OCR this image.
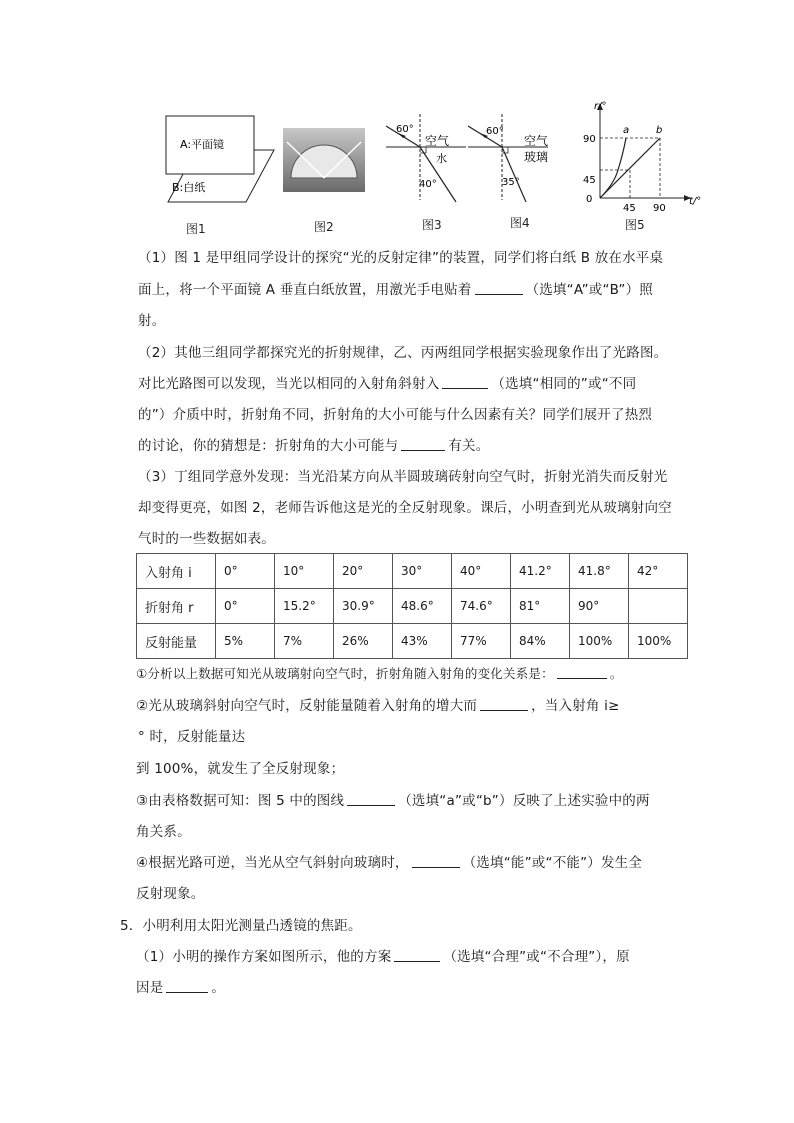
A:平面镜
B:白纸
图1	图2
60°
40°
空气
水
图3
60°
35°
空气
玻璃
图4
r/°
t/°
0
90
45
45 90
a	b
图5
（1）图 1 是甲组同学设计的探究“光的反射定律”的装置，同学们将白纸 B 放在水平桌
面上，将一个平面镜 A 垂直白纸放置，用激光手电贴着	（选填“A”或“B”）照
射。
（2）其他三组同学都探究光的折射规律，乙、丙两组同学根据实验现象作出了光路图。
对比光路图可以发现，当光以相同的入射角斜射入	（选填“相同的”或“不同
的”）介质中时，折射角不同，折射角的大小可能与什么因素有关？同学们展开了热烈
的讨论，你的猜想是：折射角的大小可能与	有关。
（3）丁组同学意外发现：当光沿某方向从半圆玻璃砖射向空气时，折射光消失而反射光
却变得更亮，如图 2，老师告诉他这是光的全反射现象。课后，小明查到光从玻璃射向空
气时的一些数据如表。
入射角 i	0°	10°	20°	30°	40°	41.2°	41.8°	42°
折射角 r	0°	15.2°	30.9°	48.6°	74.6°	81°	90°	
反射能量	5%	7%	26%	43%	77%	84%	100%	100%
①分析以上数据可知光从玻璃射向空气时，折射角随入射角的变化关系是：	。
②光从玻璃斜射向空气时，反射能量随着入射角的增大而	，当入射角 i≥
° 时，反射能量达
到 100%，就发生了全反射现象；
③由表格数据可知：图 5 中的图线	（选填“a”或“b”）反映了上述实验中的两
角关系。
④根据光路可逆，当光从空气斜射向玻璃时，	（选填“能”或“不能”）发生全
反射现象。
5．小明利用太阳光测量凸透镜的焦距。
（1）小明的操作方案如图所示，他的方案	（选填“合理”或“不合理”），原
因是	。
